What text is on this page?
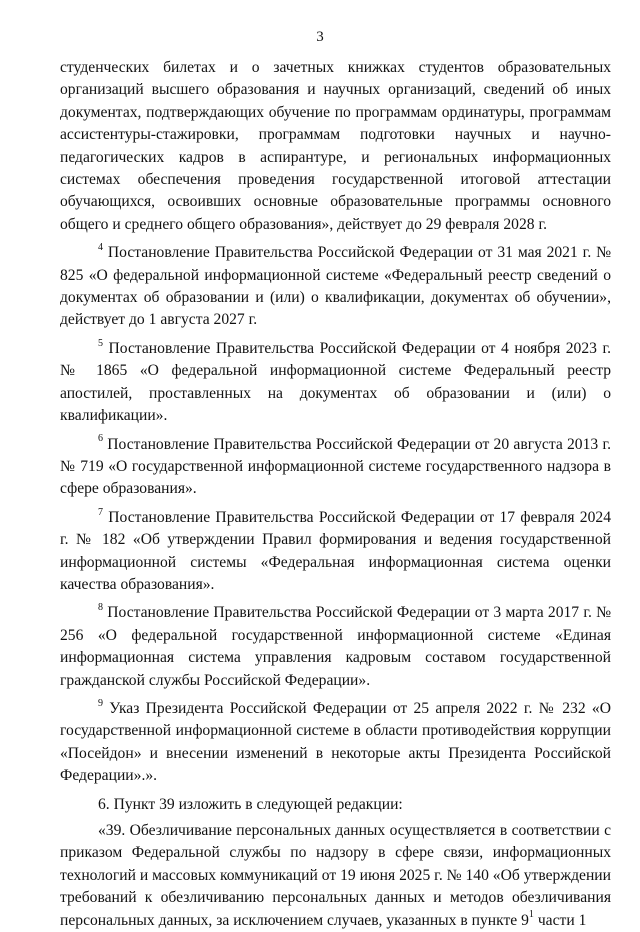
3

студенческих билетах и о зачетных книжках студентов образовательных организаций высшего образования и научных организаций, сведений об иных документах, подтверждающих обучение по программам ординатуры, программам ассистентуры-стажировки, программам подготовки научных и научно-педагогических кадров в аспирантуре, и региональных информационных системах обеспечения проведения государственной итоговой аттестации обучающихся, освоивших основные образовательные программы основного общего и среднего общего образования», действует до 29 февраля 2028 г.

$^4$ Постановление Правительства Российской Федерации от 31 мая 2021 г. № 825 «О федеральной информационной системе «Федеральный реестр сведений о документах об образовании и (или) о квалификации, документах об обучении», действует до 1 августа 2027 г.

$^5$ Постановление Правительства Российской Федерации от 4 ноября 2023 г. № 1865 «О федеральной информационной системе Федеральный реестр апостилей, проставленных на документах об образовании и (или) о квалификации».

$^6$ Постановление Правительства Российской Федерации от 20 августа 2013 г. № 719 «О государственной информационной системе государственного надзора в сфере образования».

$^7$ Постановление Правительства Российской Федерации от 17 февраля 2024 г. № 182 «Об утверждении Правил формирования и ведения государственной информационной системы «Федеральная информационная система оценки качества образования».

$^8$ Постановление Правительства Российской Федерации от 3 марта 2017 г. № 256 «О федеральной государственной информационной системе «Единая информационная система управления кадровым составом государственной гражданской службы Российской Федерации».

$^9$ Указ Президента Российской Федерации от 25 апреля 2022 г. № 232 «О государственной информационной системе в области противодействия коррупции «Посейдон» и внесении изменений в некоторые акты Президента Российской Федерации».».

6. Пункт 39 изложить в следующей редакции:

«39. Обезличивание персональных данных осуществляется в соответствии с приказом Федеральной службы по надзору в сфере связи, информационных технологий и массовых коммуникаций от 19 июня 2025 г. № 140 «Об утверждении требований к обезличиванию персональных данных и методов обезличивания персональных данных, за исключением случаев, указанных в пункте $9^1$ части 1
